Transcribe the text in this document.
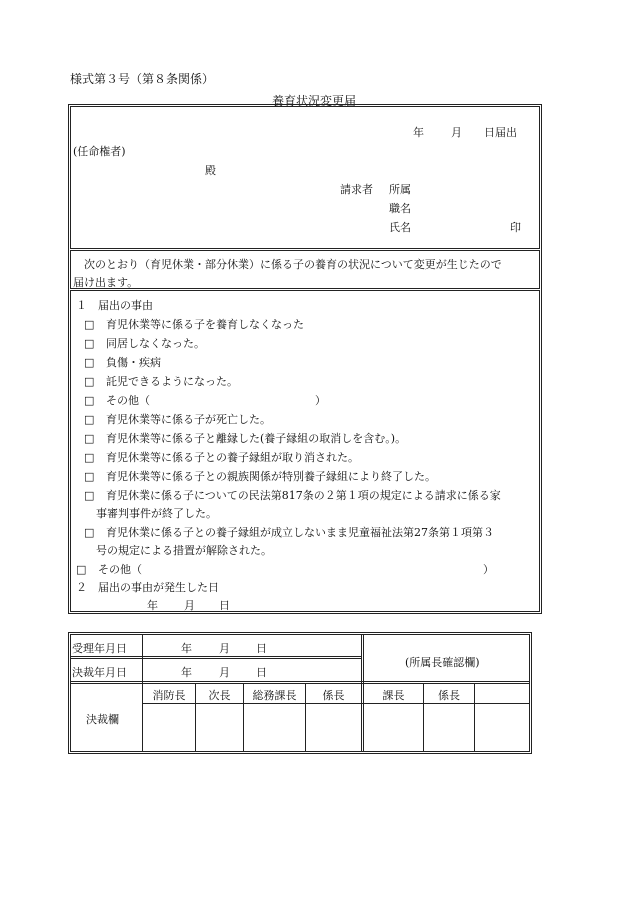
様式第３号（第８条関係）
養育状況変更届
年 月 日届出
(任命権者)
殿
請求者 所属
職名
氏名	印
次のとおり（育児休業・部分休業）に係る子の養育の状況について変更が生じたので
届け出ます。
１　届出の事由
□ 育児休業等に係る子を養育しなくなった
□ 同居しなくなった。
□ 負傷・疾病
□ 託児できるようになった。
□ その他（　　　　　　　　　　　　　　　）
□ 育児休業等に係る子が死亡した。
□ 育児休業等に係る子と離縁した(養子縁組の取消しを含む。)。
□ 育児休業等に係る子との養子縁組が取り消された。
□ 育児休業等に係る子との親族関係が特別養子縁組により終了した。
□ 育児休業に係る子についての民法第817条の２第１項の規定による請求に係る家
事審判事件が終了した。
□ 育児休業に係る子との養子縁組が成立しないまま児童福祉法第27条第１項第３
号の規定による措置が解除された。
□ その他（　　　　　　　　　　　　　　　　　　　　　　　　　　　　　　　）
２　届出の事由が発生した日
年 月 日
受理年月日	年 月 日
決裁年月日	年 月 日
(所属長確認欄)
決裁欄
消防長	次長	総務課長	係長	課長	係長
